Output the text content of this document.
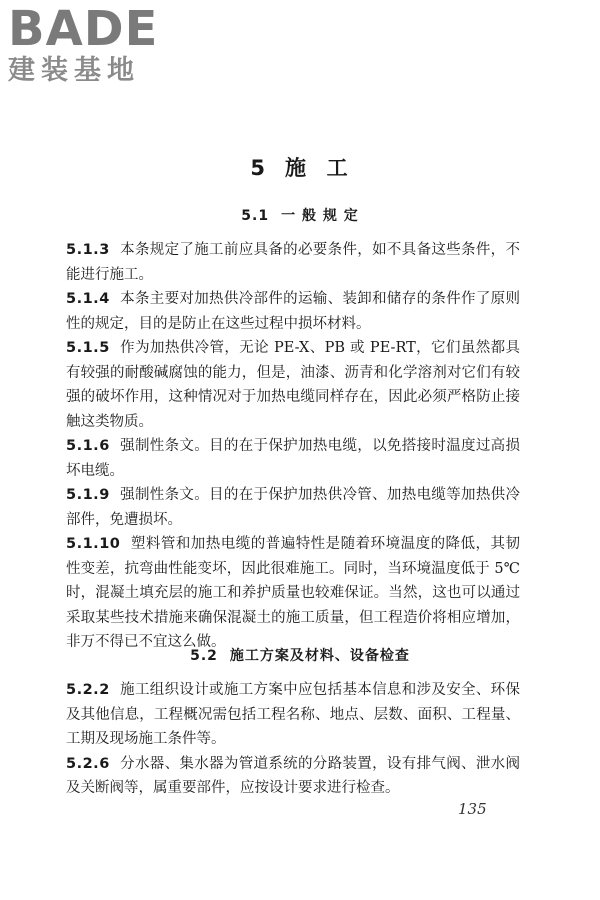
BADE
建装基地
5 施  工
5.1 一 般 规 定

5.1.3 本条规定了施工前应具备的必要条件，如不具备这些条件，不能进行施工。

5.1.4 本条主要对加热供冷部件的运输、装卸和储存的条件作了原则性的规定，目的是防止在这些过程中损坏材料。

5.1.5 作为加热供冷管，无论 PE-X、PB 或 PE-RT，它们虽然都具有较强的耐酸碱腐蚀的能力，但是，油漆、沥青和化学溶剂对它们有较强的破坏作用，这种情况对于加热电缆同样存在，因此必须严格防止接触这类物质。

5.1.6 强制性条文。目的在于保护加热电缆，以免搭接时温度过高损坏电缆。

5.1.9 强制性条文。目的在于保护加热供冷管、加热电缆等加热供冷部件，免遭损坏。

5.1.10 塑料管和加热电缆的普遍特性是随着环境温度的降低，其韧性变差，抗弯曲性能变坏，因此很难施工。同时，当环境温度低于 5℃时，混凝土填充层的施工和养护质量也较难保证。当然，这也可以通过采取某些技术措施来确保混凝土的施工质量，但工程造价将相应增加，非万不得已不宜这么做。

5.2 施工方案及材料、设备检查

5.2.2 施工组织设计或施工方案中应包括基本信息和涉及安全、环保及其他信息，工程概况需包括工程名称、地点、层数、面积、工程量、工期及现场施工条件等。

5.2.6 分水器、集水器为管道系统的分路装置，设有排气阀、泄水阀及关断阀等，属重要部件，应按设计要求进行检查。

135
